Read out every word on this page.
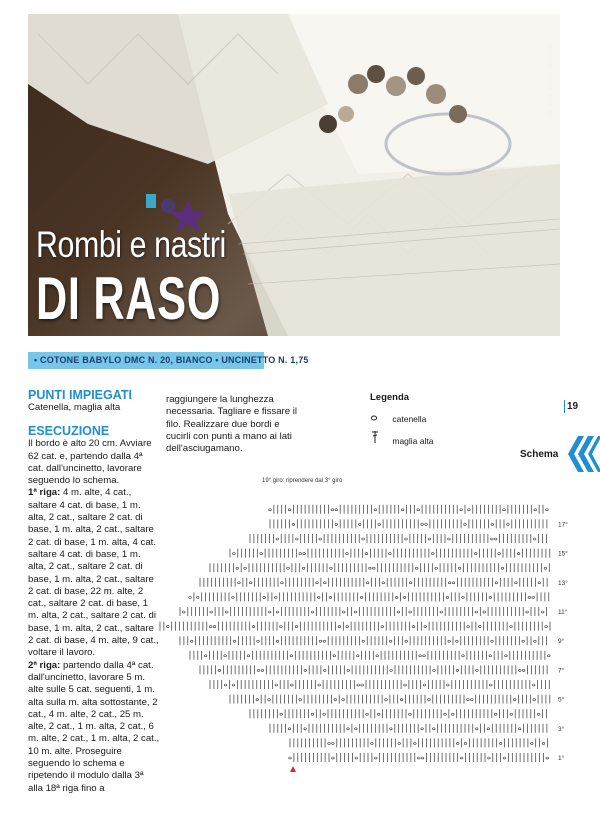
© SIA photo agency
Rombi e nastri
DI RASO
• COTONE BABYLO DMC N. 20, BIANCO • UNCINETTO N. 1,75

PUNTI IMPIEGATI

Catenella, maglia alta

ESECUZIONE

Il bordo è alto 20 cm. Avviare 62 cat. e, partendo dalla 4ª cat. dall'uncinetto, lavorare seguendo lo schema.

1ª riga: 4 m. alte, 4 cat., saltare 4 cat. di base, 1 m. alta, 2 cat., saltare 2 cat. di base, 1 m. alta, 2 cat., saltare 2 cat. di base, 1 m. alta, 4 cat. saltare 4 cat. di base, 1 m. alta, 2 cat., saltare 2 cat. di base, 1 m. alta, 2 cat., saltare 2 cat. di base, 22 m. alte, 2 cat., saltare 2 cat. di base, 1 m. alta, 2 cat., saltare 2 cat. di base, 1 m. alta, 2 cat., saltare 2 cat. di base, 4 m. alte, 9 cat., voltare il lavoro.

2ª riga: partendo dalla 4ª cat. dall'uncinetto, lavorare 5 m. alte sulle 5 cat. seguenti, 1 m. alta sulla m. alta sottostante, 2 cat., 4 m. alte, 2 cat., 25 m. alte, 2 cat., 1 m. alta, 2 cat., 6 m. alte, 2 cat., 1 m. alta, 2 cat., 10 m. alte. Proseguire seguendo lo schema e ripetendo il modulo dalla 3ª alla 18ª riga fino a

raggiungere la lunghezza necessaria. Tagliare e fissare il filo. Realizzare due bordi e cucirli con punti a mano ai lati dell'asciugamano.

Legenda
catenella
maglia alta
19
Schema
19° giro: riprendere dal 3° giro
17°
15°
13°
11°
9°
7°
5°
3°
1°
